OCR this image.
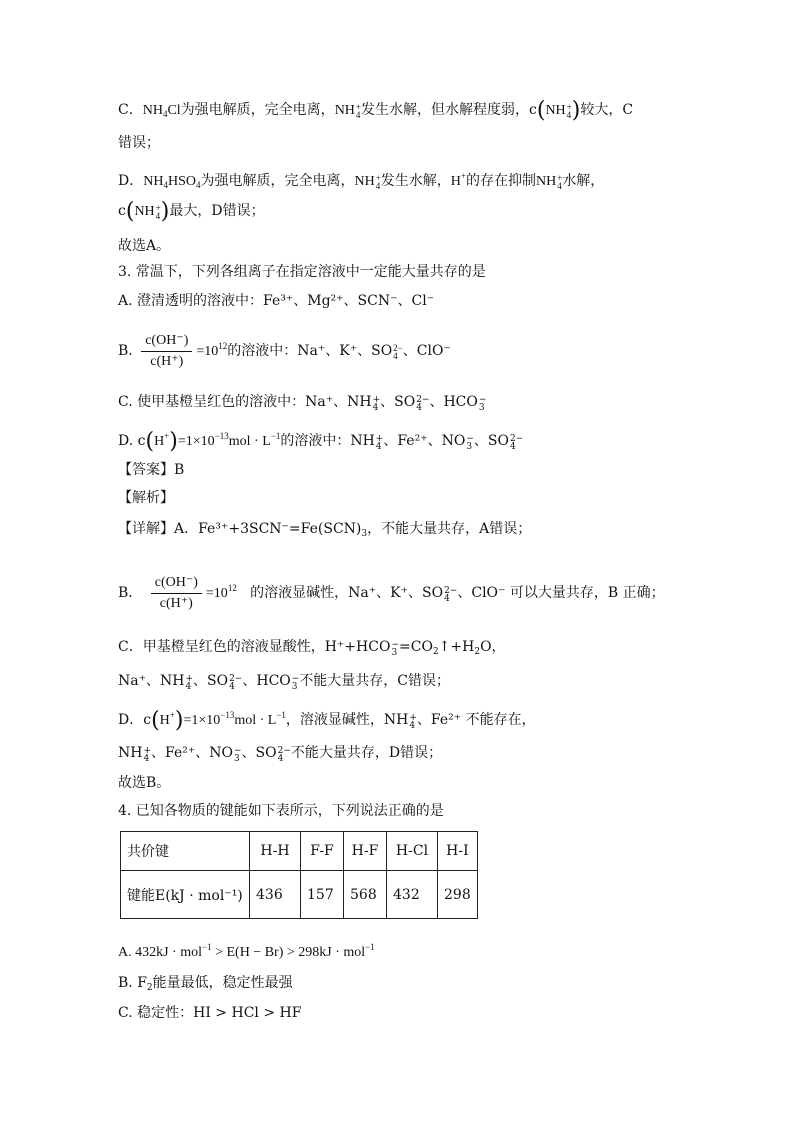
C．$NH_4Cl$为强电解质，完全电离，NH +
4 发生水解，但水解程度弱，c(NH +
4 )较大，C
错误；
D．$NH_4HSO_4$为强电解质，完全电离，NH +
4 发生水解，H+的存在抑制NH +
4 水解，
c(NH +
4 )最大，D错误；
故选A。
3. 常温下，下列各组离子在指定溶液中一定能大量共存的是
A. 澄清透明的溶液中：Fe³⁺、Mg²⁺、SCN⁻、Cl⁻
B. $\frac{c(OH^-)}{c(H^+)} =10^{12}$的溶液中：Na⁺、K⁺、SO 2−
4 、ClO⁻
C. 使甲基橙呈红色的溶液中：Na⁺、NH +
4 、SO 2−
4 、HCO −
3
D. $c(H^+)=1\times 10^{-13}mol \cdot L^{-1}$的溶液中：NH +
4 、Fe²⁺、NO −
3 、SO 2−
4
【答案】B
【解析】
【详解】A．$Fe^{3+}+3SCN^-=Fe(SCN)_3$，不能大量共存，A错误；
B． $\frac{c(OH^-)}{c(H^+)} =10^{12}$ 的溶液显碱性，Na⁺、K⁺、SO 2−
4 、ClO⁻ 可以大量共存，B 正确；
C．甲基橙呈红色的溶液显酸性，H⁺+HCO −
$3 =CO_2↑+H_2O$，
Na⁺、NH +
4 、SO 2−
4 、HCO −
3 不能大量共存，C错误；
D．$c(H^+)=1\times 10^{-13}mol \cdot L^{-1}$，溶液显碱性，NH +
4 、Fe²⁺ 不能存在，
NH +
4 、Fe²⁺、NO −
3 、SO 2−
4 不能大量共存，D错误；
故选B。
4. 已知各物质的键能如下表所示，下列说法正确的是
共价键	H-H	F-F	H-F	H-Cl	H-I
键能E(kJ · mol⁻¹)	436	157	568	432	298
A. 432kJ · mol$^{-1}$ > E(H − Br) > 298kJ · mol$^{-1}$
B. $F_2$能量最低，稳定性最强
C. 稳定性：HI > HCl > HF
